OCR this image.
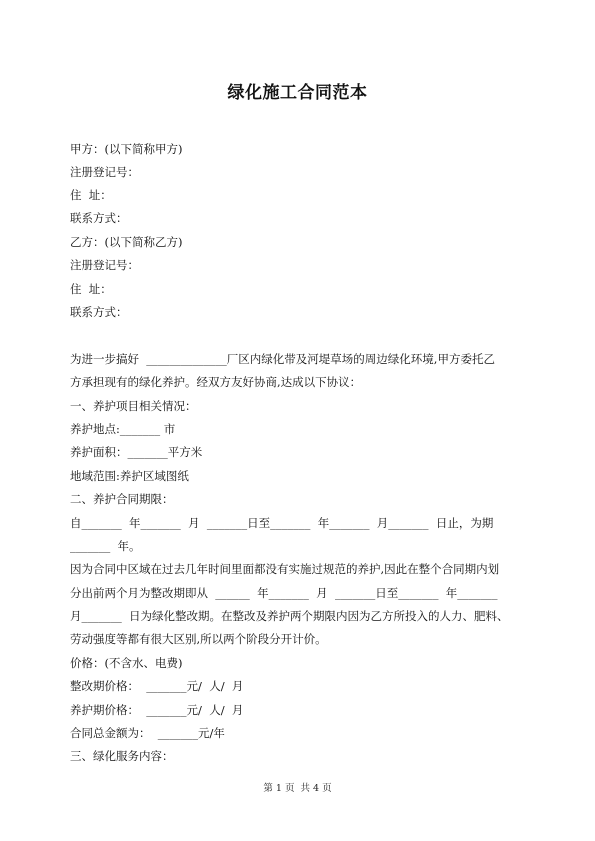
绿化施工合同范本
甲方：(以下简称甲方)
注册登记号：
住  址：
联系方式：
乙方：(以下简称乙方)
注册登记号：
住  址：
联系方式：
为进一步搞好  ______________厂区内绿化带及河堤草场的周边绿化环境,甲方委托乙
方承担现有的绿化养护。经双方友好协商,达成以下协议：
一、养护项目相关情况：
养护地点:_______ 市
养护面积：_______平方米
地域范围:养护区域图纸
二、养护合同期限：
自_______  年_______  月  _______日至_______  年_______  月_______  日止，为期
_______  年。
因为合同中区域在过去几年时间里面都没有实施过规范的养护,因此在整个合同期内划
分出前两个月为整改期即从  ______  年_______  月  _______日至_______  年_______
月_______  日为绿化整改期。在整改及养护两个期限内因为乙方所投入的人力、肥料、
劳动强度等都有很大区别,所以两个阶段分开计价。
价格：(不含水、电费)
整改期价格：  _______元/  人/  月
养护期价格：  _______元/  人/  月
合同总金额为：  _______元/年
三、绿化服务内容：
第 1 页  共 4 页
